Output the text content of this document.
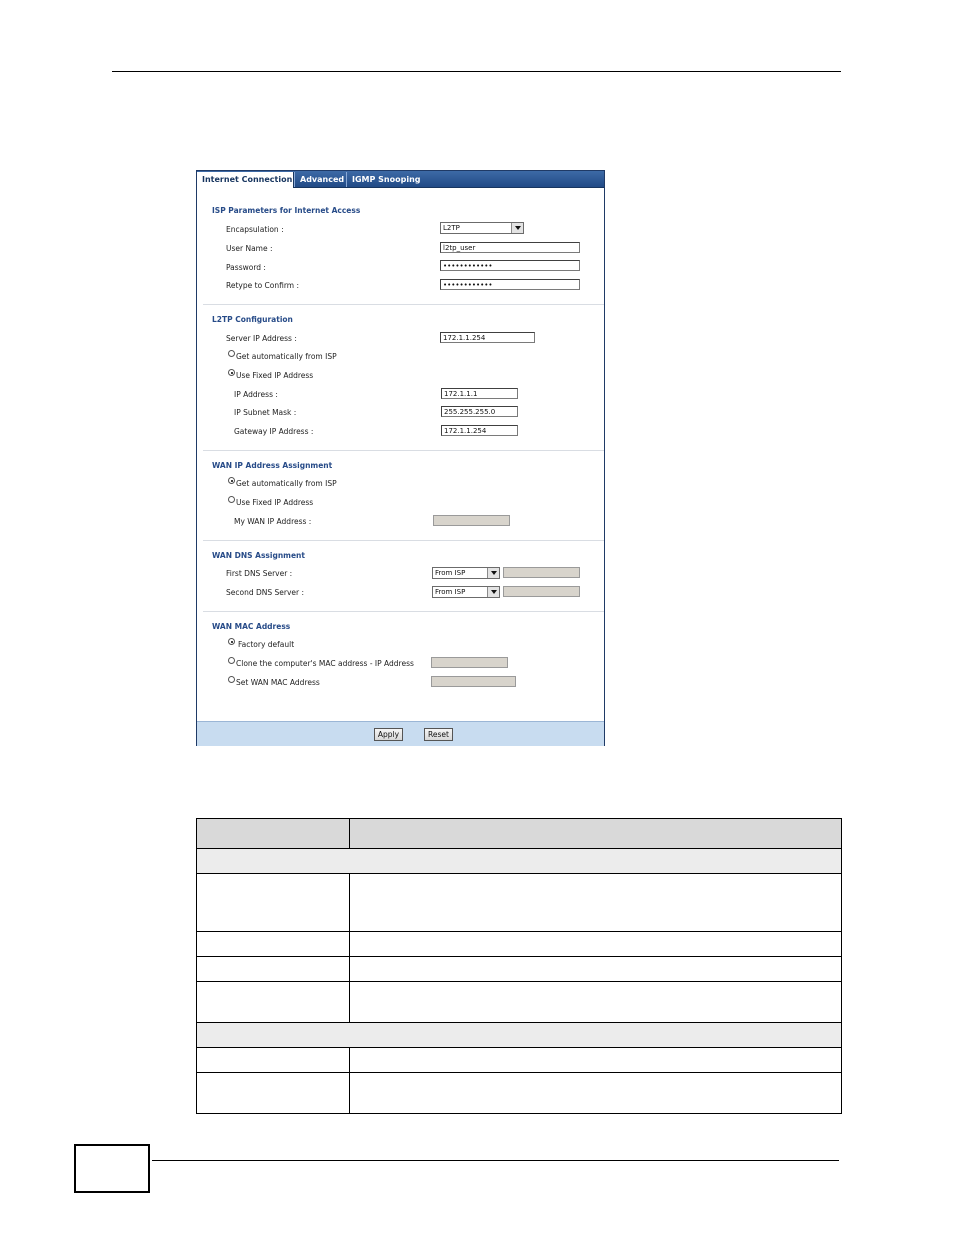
Internet Connection Advanced IGMP Snooping
ISP Parameters for Internet Access
Encapsulation :	L2TP
User Name :	l2tp_user
Password :	••••••••••••
Retype to Confirm :	••••••••••••
L2TP Configuration
Server IP Address :	172.1.1.254
Get automatically from ISP
Use Fixed IP Address
IP Address :	172.1.1.1
IP Subnet Mask :	255.255.255.0
Gateway IP Address :	172.1.1.254
WAN IP Address Assignment
Get automatically from ISP
Use Fixed IP Address
My WAN IP Address :
WAN DNS Assignment
First DNS Server :	From ISP
Second DNS Server :	From ISP
WAN MAC Address
Factory default
Clone the computer's MAC address - IP Address
Set WAN MAC Address
Apply	Reset
